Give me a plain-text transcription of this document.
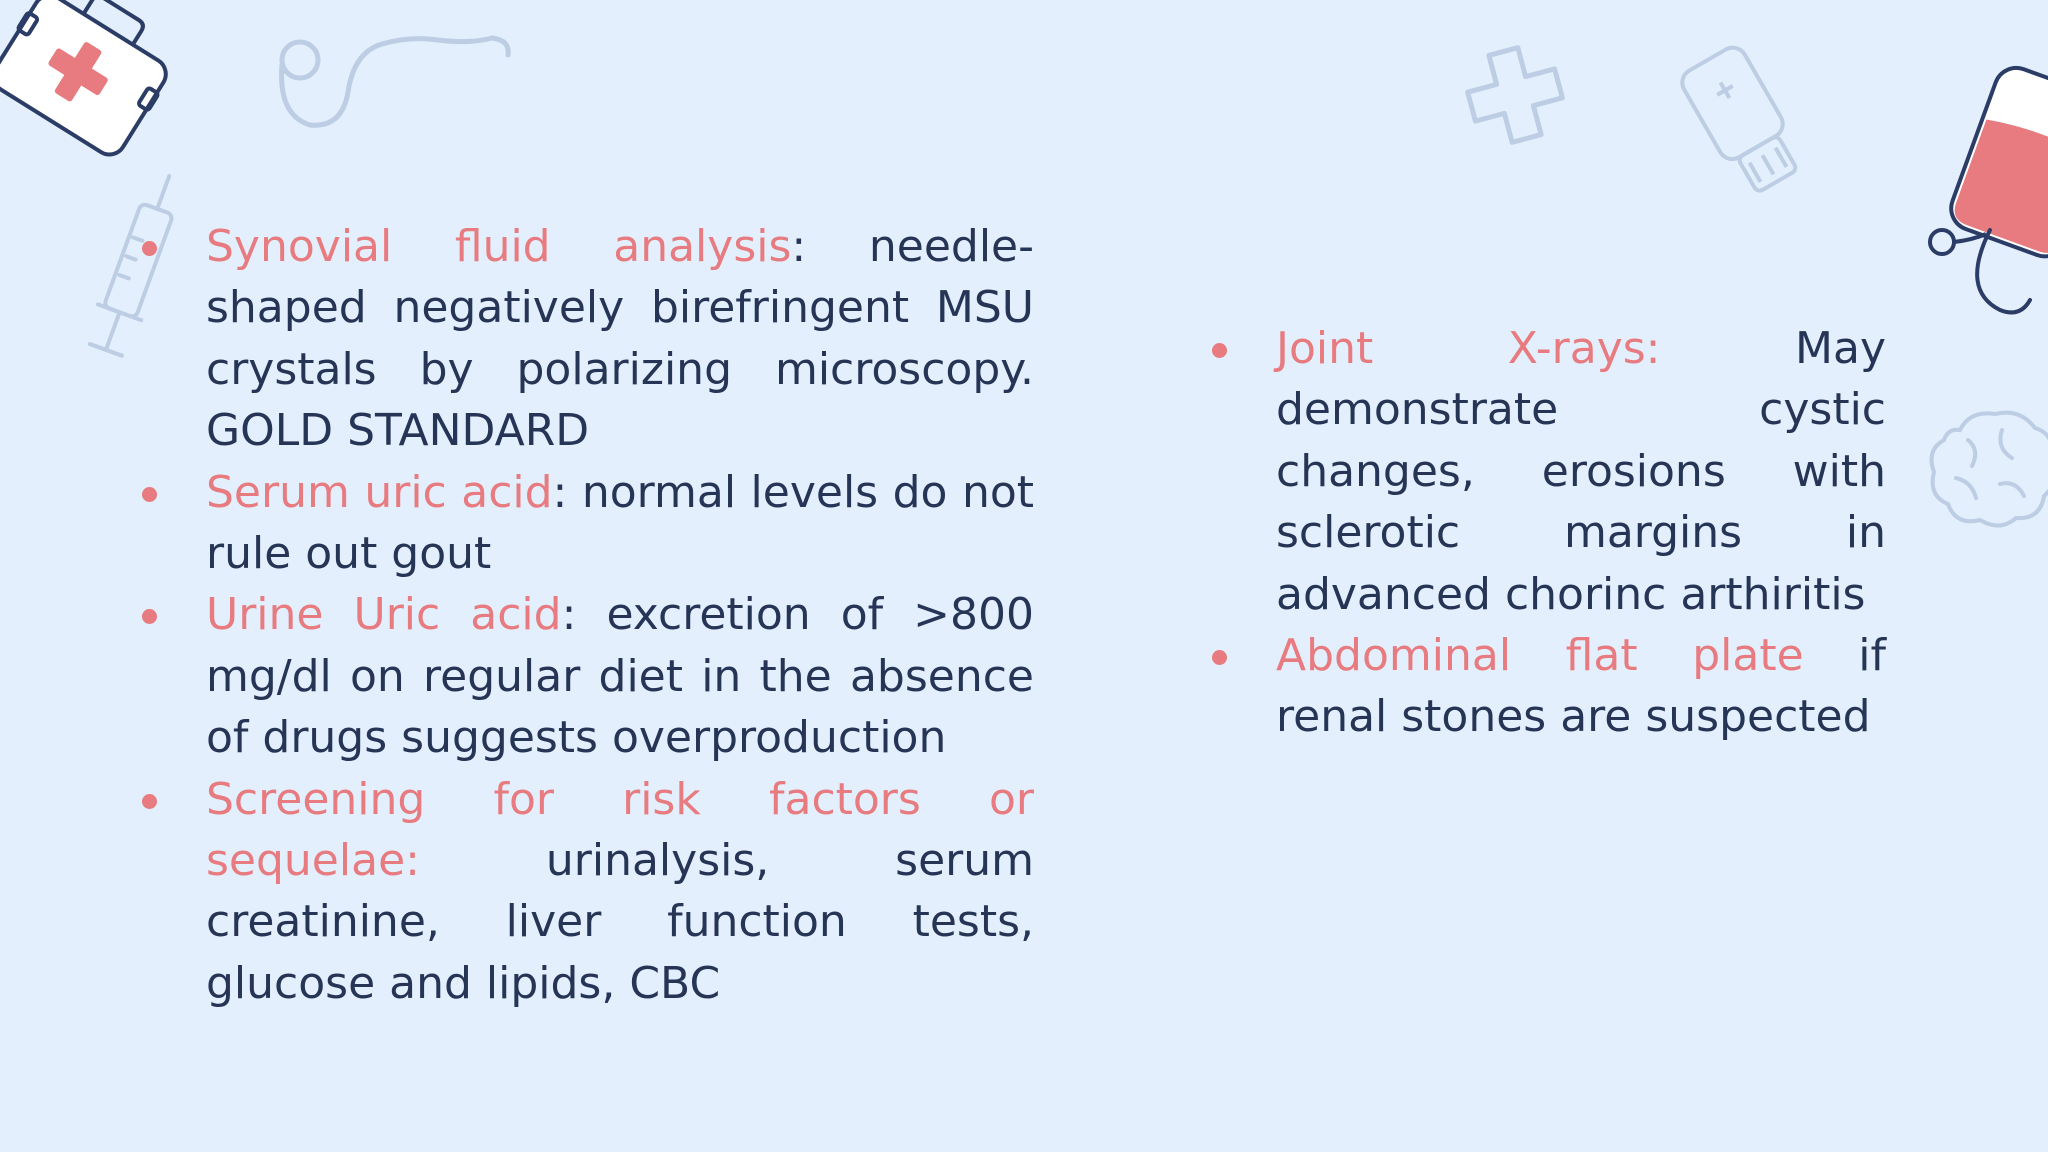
Synovial fluid analysis: needle-shaped negatively birefringent MSU crystals by polarizing microscopy. GOLD STANDARD
Serum uric acid: normal levels do not rule out gout
Urine Uric acid: excretion of >800 mg/dl on regular diet in the absence of drugs suggests overproduction
Screening for risk factors or sequelae: urinalysis, serum creatinine, liver function tests, glucose and lipids, CBC
Joint X-rays: May demonstrate cystic changes, erosions with sclerotic margins in advanced chorinc arthiritis
Abdominal flat plate if renal stones are suspected
